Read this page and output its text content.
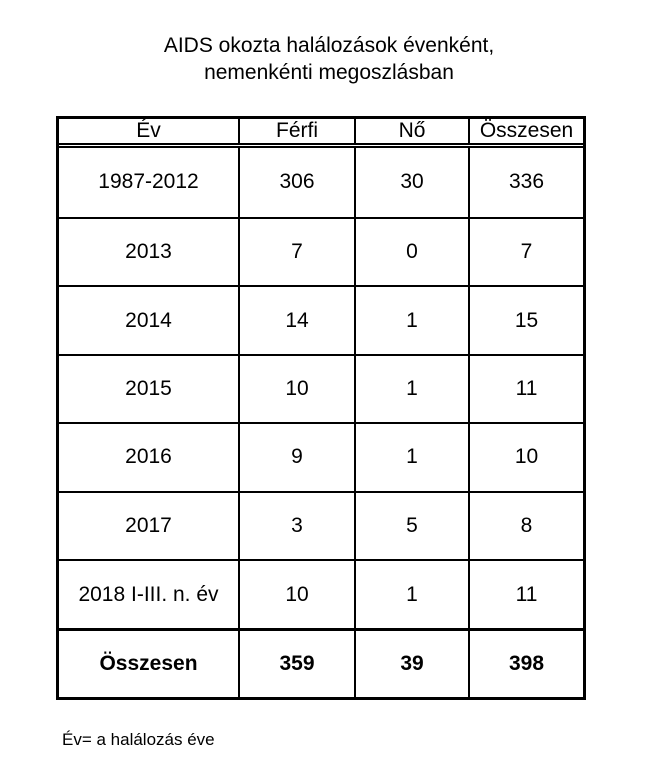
AIDS okozta halálozások évenként,
nemenkénti megoszlásban
Év	Férfi	Nő	Összesen
1987-2012	306	30	336
2013	7	0	7
2014	14	1	15
2015	10	1	11
2016	9	1	10
2017	3	5	8
2018 I-III. n. év	10	1	11
Összesen	359	39	398
Év= a halálozás éve
